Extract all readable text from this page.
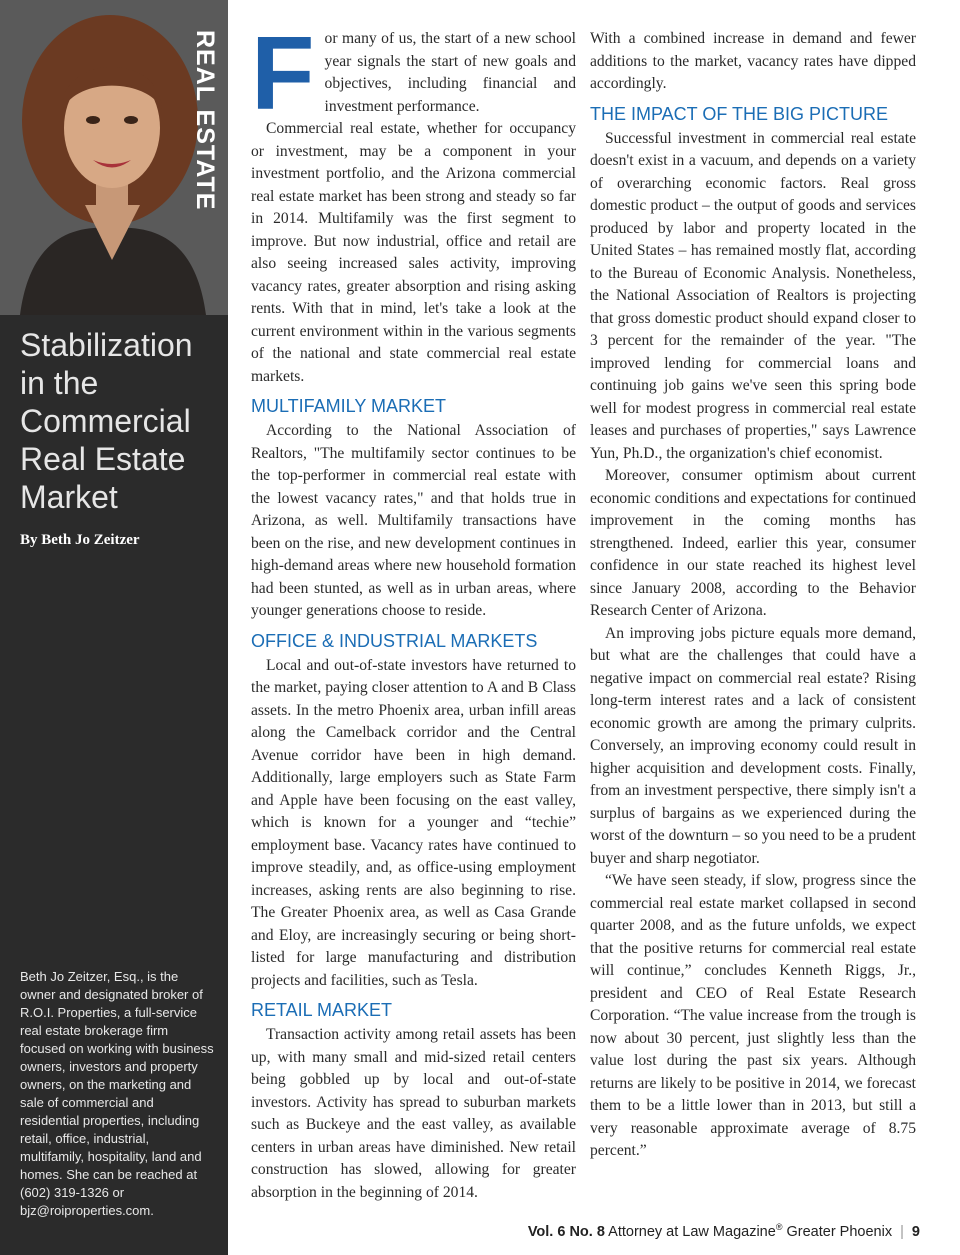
REAL ESTATE
Stabilization
in the
Commercial
Real Estate
Market

By Beth Jo Zeitzer

Beth Jo Zeitzer, Esq., is the owner and designated broker of R.O.I. Properties, a full-service real estate brokerage firm focused on working with business owners, investors and property owners, on the marketing and sale of commercial and residential properties, including retail, office, industrial, multifamily, hospitality, land and homes. She can be reached at (602) 319-1326 or bjz@roiproperties.com.

For many of us, the start of a new school year signals the start of new goals and objectives, including financial and investment performance.

Commercial real estate, whether for occupancy or investment, may be a component in your investment portfolio, and the Arizona commercial real estate market has been strong and steady so far in 2014. Multifamily was the first segment to improve. But now industrial, office and retail are also seeing increased sales activity, improving vacancy rates, greater absorption and rising asking rents. With that in mind, let's take a look at the current environment within in the various segments of the national and state commercial real estate markets.

MULTIFAMILY MARKET

According to the National Association of Realtors, "The multifamily sector continues to be the top-performer in commercial real estate with the lowest vacancy rates," and that holds true in Arizona, as well. Multifamily transactions have been on the rise, and new development continues in high-demand areas where new household formation had been stunted, as well as in urban areas, where younger generations choose to reside.

OFFICE & INDUSTRIAL MARKETS

Local and out-of-state investors have returned to the market, paying closer attention to A and B Class assets. In the metro Phoenix area, urban infill areas along the Camelback corridor and the Central Avenue corridor have been in high demand. Additionally, large employers such as State Farm and Apple have been focusing on the east valley, which is known for a younger and “techie” employment base. Vacancy rates have continued to improve steadily, and, as office-using employment increases, asking rents are also beginning to rise. The Greater Phoenix area, as well as Casa Grande and Eloy, are increasingly securing or being short-listed for large manufacturing and distribution projects and facilities, such as Tesla.

RETAIL MARKET

Transaction activity among retail assets has been up, with many small and mid-sized retail centers being gobbled up by local and out-of-state investors. Activity has spread to suburban markets such as Buckeye and the east valley, as available centers in urban areas have diminished. New retail construction has slowed, allowing for greater absorption in the beginning of 2014.

With a combined increase in demand and fewer additions to the market, vacancy rates have dipped accordingly.

THE IMPACT OF THE BIG PICTURE

Successful investment in commercial real estate doesn't exist in a vacuum, and depends on a variety of overarching economic factors. Real gross domestic product – the output of goods and services produced by labor and property located in the United States – has remained mostly flat, according to the Bureau of Economic Analysis. Nonetheless, the National Association of Realtors is projecting that gross domestic product should expand closer to 3 percent for the remainder of the year. "The improved lending for commercial loans and continuing job gains we've seen this spring bode well for modest progress in commercial real estate leases and purchases of properties," says Lawrence Yun, Ph.D., the organization's chief economist.

Moreover, consumer optimism about current economic conditions and expectations for continued improvement in the coming months has strengthened. Indeed, earlier this year, consumer confidence in our state reached its highest level since January 2008, according to the Behavior Research Center of Arizona.

An improving jobs picture equals more demand, but what are the challenges that could have a negative impact on commercial real estate? Rising long-term interest rates and a lack of consistent economic growth are among the primary culprits. Conversely, an improving economy could result in higher acquisition and development costs. Finally, from an investment perspective, there simply isn't a surplus of bargains as we experienced during the worst of the downturn – so you need to be a prudent buyer and sharp negotiator.

“We have seen steady, if slow, progress since the commercial real estate market collapsed in second quarter 2008, and as the future unfolds, we expect that the positive returns for commercial real estate will continue,” concludes Kenneth Riggs, Jr., president and CEO of Real Estate Research Corporation. “The value increase from the trough is now about 30 percent, just slightly less than the value lost during the past six years. Although returns are likely to be positive in 2014, we forecast them to be a little lower than in 2013, but still a very reasonable approximate average of 8.75 percent.”

Vol. 6 No. 8 Attorney at Law Magazine® Greater Phoenix | 9
